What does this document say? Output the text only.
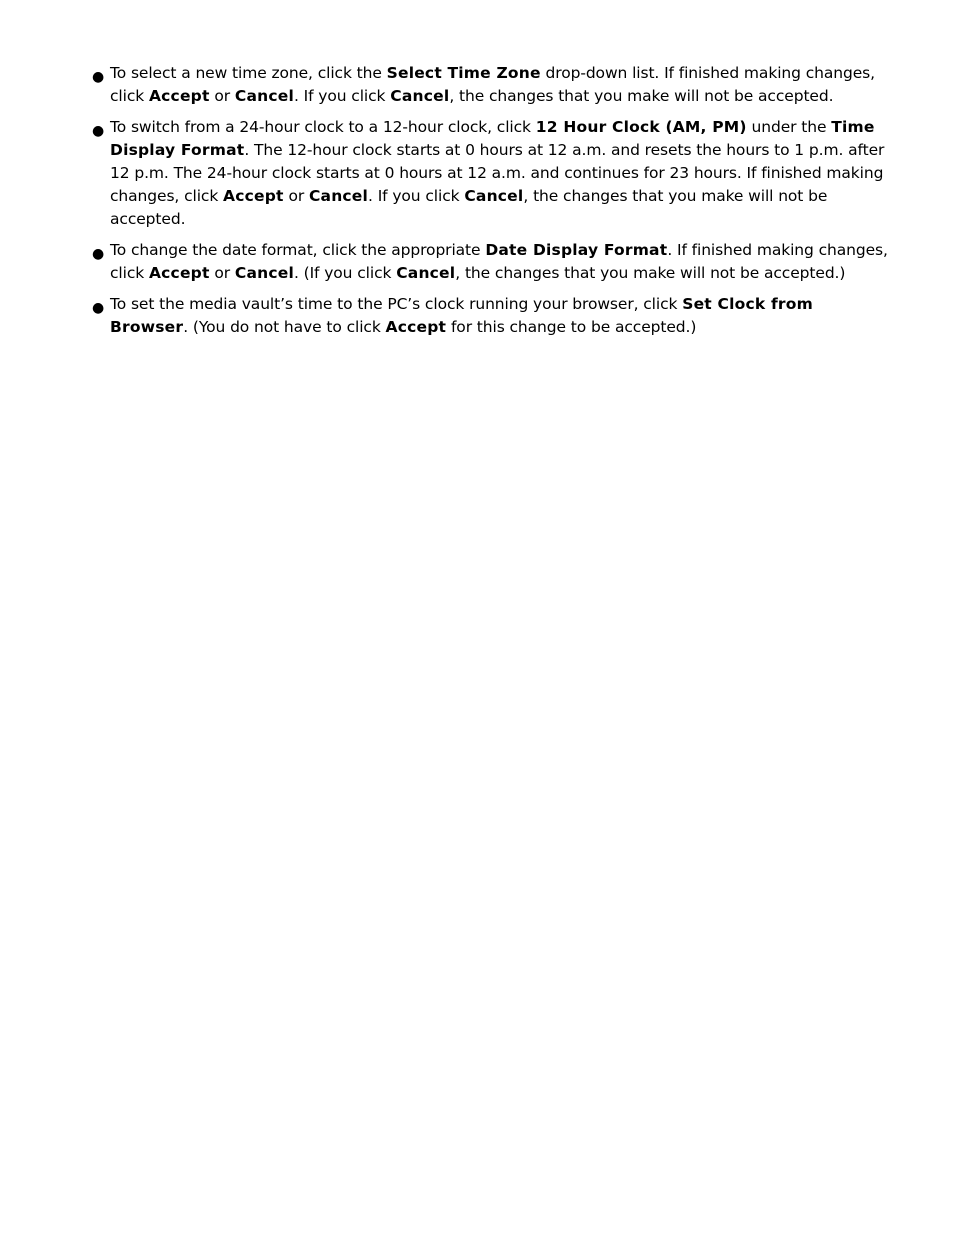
● To select a new time zone, click the Select Time Zone drop-down list. If finished making changes, click Accept or Cancel. If you click Cancel, the changes that you make will not be accepted.
● To switch from a 24-hour clock to a 12-hour clock, click 12 Hour Clock (AM, PM) under the Time Display Format. The 12-hour clock starts at 0 hours at 12 a.m. and resets the hours to 1 p.m. after 12 p.m. The 24-hour clock starts at 0 hours at 12 a.m. and continues for 23 hours. If finished making changes, click Accept or Cancel. If you click Cancel, the changes that you make will not be accepted.
● To change the date format, click the appropriate Date Display Format. If finished making changes, click Accept or Cancel. (If you click Cancel, the changes that you make will not be accepted.)
● To set the media vault’s time to the PC’s clock running your browser, click Set Clock from Browser. (You do not have to click Accept for this change to be accepted.)
